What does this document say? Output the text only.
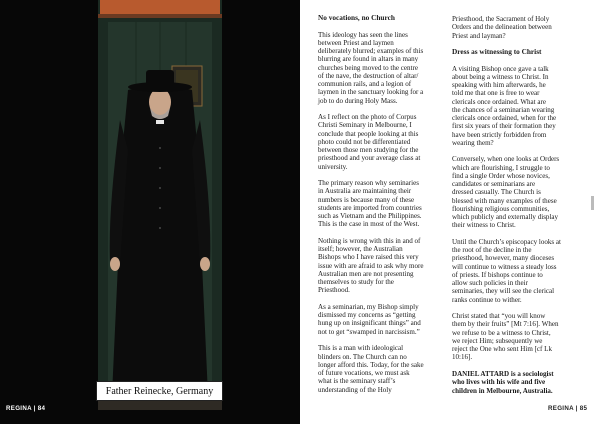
Father Reinecke, Germany
REGINA | 84
No vocations, no Church

This ideology has seen the lines
between Priest and laymen
deliberately blurred; examples of this
blurring are found in altars in many
churches being moved to the centre
of the nave, the destruction of altar/
communion rails, and a legion of
laymen in the sanctuary looking for a
job to do during Holy Mass.

As I reflect on the photo of Corpus
Christi Seminary in Melbourne, I
conclude that people looking at this
photo could not be differentiated
between those men studying for the
priesthood and your average class at
university.

The primary reason why seminaries
in Australia are maintaining their
numbers is because many of these
students are imported from countries
such as Vietnam and the Philippines.
This is the case in most of the West.

Nothing is wrong with this in and of
itself; however, the Australian
Bishops who I have raised this very
issue with are afraid to ask why more
Australian men are not presenting
themselves to study for the
Priesthood.

As a seminarian, my Bishop simply
dismissed my concerns as “getting
hung up on insignificant things” and
not to get “swamped in narcissism.”

This is a man with ideological
blinders on. The Church can no
longer afford this. Today, for the sake
of future vocations, we must ask
what is the seminary staff’s
understanding of the Holy

Priesthood, the Sacrament of Holy
Orders and the delineation between
Priest and layman?

Dress as witnessing to Christ

A visiting Bishop once gave a talk
about being a witness to Christ. In
speaking with him afterwards, he
told me that one is free to wear
clericals once ordained. What are
the chances of a seminarian wearing
clericals once ordained, when for the
first six years of their formation they
have been strictly forbidden from
wearing them?

Conversely, when one looks at Orders
which are flourishing, I struggle to
find a single Order whose novices,
candidates or seminarians are
dressed casually. The Church is
blessed with many examples of these
flourishing religious communities,
which publicly and externally display
their witness to Christ.

Until the Church’s episcopacy looks at
the root of the decline in the
priesthood, however, many dioceses
will continue to witness a steady loss
of priests. If bishops continue to
allow such policies in their
seminaries, they will see the clerical
ranks continue to wither.

Christ stated that “you will know
them by their fruits” [Mt 7:16]. When
we refuse to be a witness to Christ,
we reject Him; subsequently we
reject the One who sent Him [cf Lk
10:16].

DANIEL ATTARD is a sociologist
who lives with his wife and five
children in Melbourne, Australia.

REGINA | 85
